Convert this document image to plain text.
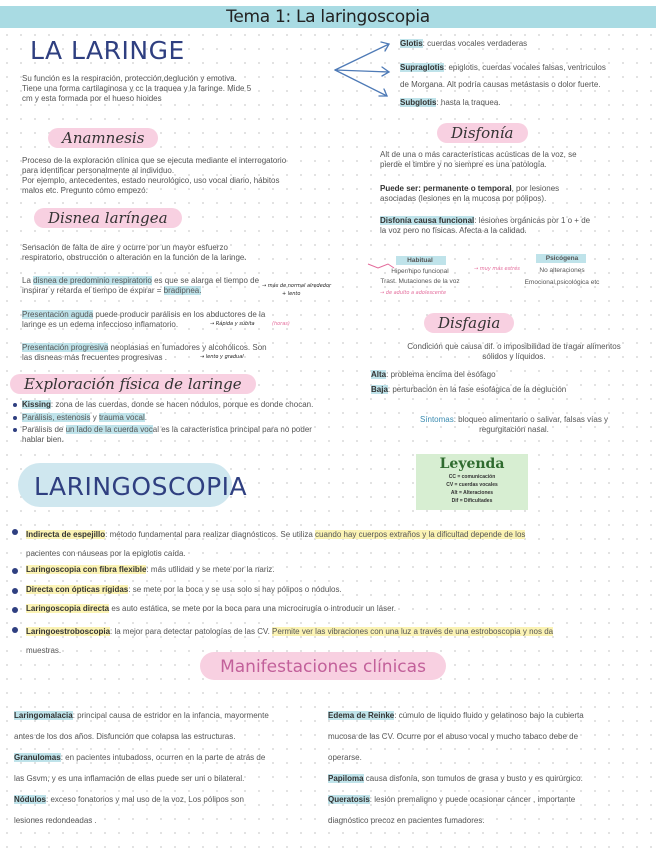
Tema 1: La laringoscopia
LA LARINGE
Su función es la respiración, protección,deglución y emotiva.
Tiene una forma cartilaginosa y cc la traquea y la faringe. Mide 5
cm y esta formada por el hueso hioides
Glotis: cuerdas vocales verdaderas
Supraglotis: epiglotis, cuerdas vocales falsas, ventriculos
de Morgana. Alt podría causas metástasis o dolor fuerte.
Subglotis: hasta la traquea.
Anamnesis
Proceso de la exploración clínica que se ejecuta mediante el interrogatorio
para identificar personalmente al individuo.
Por ejemplo, antecedentes, estado neurológico, uso vocal diario, hábitos
malos etc. Pregunto cómo empezó.
Disnea laríngea
Sensación de falta de aire y ocurre por un mayor esfuerzo
respiratorio, obstrucción o alteración en la función de la laringe.
La disnea de predominio respiratorio es que se alarga el tiempo de
inspirar y retarda el tiempo de expirar = bradipnea.	→ más de normal alrededor
+ lento
Presentación aguda puede producir parálisis en los abductores de la
laringe es un edema infeccioso inflamatorio.	→ Rápida y súbita	(horas)
Presentación progresiva neoplasias en fumadores y alcohólicos. Son
las disneas más frecuentes progresivas .	→ lento y gradual
Exploración física de laringe
Kissing: zona de las cuerdas, donde se hacen nódulos, porque es donde chocan.
Parálisis, estenosis y trauma vocal.
Parálisis de un lado de la cuerda vocal es la característica principal para no poder
hablar bien.
Disfonía
Alt de una o más características acústicas de la voz, se
pierde el timbre y no siempre es una patología.
Puede ser: permanente o temporal, por lesiones
asociadas (lesiones en la mucosa por pólipos).
Disfonía causa funcional: lesiones orgánicas por 1 o + de
la voz pero no físicas. Afecta a la calidad.
Habitual
Hiper/hipo funcional
Trast. Mutaciones de la voz
Psicógena
No alteraciones
Emocional,psicológica etc
→ muy más estrés
→ de adulto a adolescente
Disfagia
Condición que causa dif. o imposibilidad de tragar alimentos
sólidos y líquidos.
Alta: problema encima del esófago
Baja: perturbación en la fase esofágica de la deglución
Síntomas: bloqueo alimentario o salivar, falsas vías y
regurgitación nasal.
Leyenda
CC = comunicación
CV = cuerdas vocales
Alt = Alteraciones
Dif = Dificultades
LARINGOSCOPIA
Indirecta de espejillo: método fundamental para realizar diagnósticos. Se utiliza cuando hay cuerpos extraños y la dificultad depende de los
pacientes con náuseas por la epiglotis caída.
Laringoscopia con fibra flexible: más utilidad y se mete por la nariz.
Directa con ópticas rígidas: se mete por la boca y se usa solo si hay pólipos o nódulos.
Laringoscopia directa es auto estática, se mete por la boca para una microcirugía o introducir un láser.
Laringoestroboscopia: la mejor para detectar patologías de las CV. Permite ver las vibraciones con una luz a través de una estroboscopia y nos da
muestras.
Manifestaciones clínicas
Laringomalacia: principal causa de estridor en la infancia, mayormente
antes de los dos años. Disfunción que colapsa las estructuras.
Granulomas: en pacientes intubadoss, ocurren en la parte de atrás de
las Gsvm, y es una inflamación de ellas puede ser uni o bilateral.
Nódulos: exceso fonatorios y mal uso de la voz, Los pólipos son
lesiones redondeadas .
Edema de Reinke: cúmulo de liquido fluido y gelatinoso bajo la cubierta
mucosa de las CV. Ocurre por el abuso vocal y mucho tabaco debe de
operarse.
Papiloma causa disfonía, son tumulos de grasa y busto y es quirúrgico.
Queratosis: lesión premaligno y puede ocasionar cáncer , importante
diagnóstico precoz en pacientes fumadores.
